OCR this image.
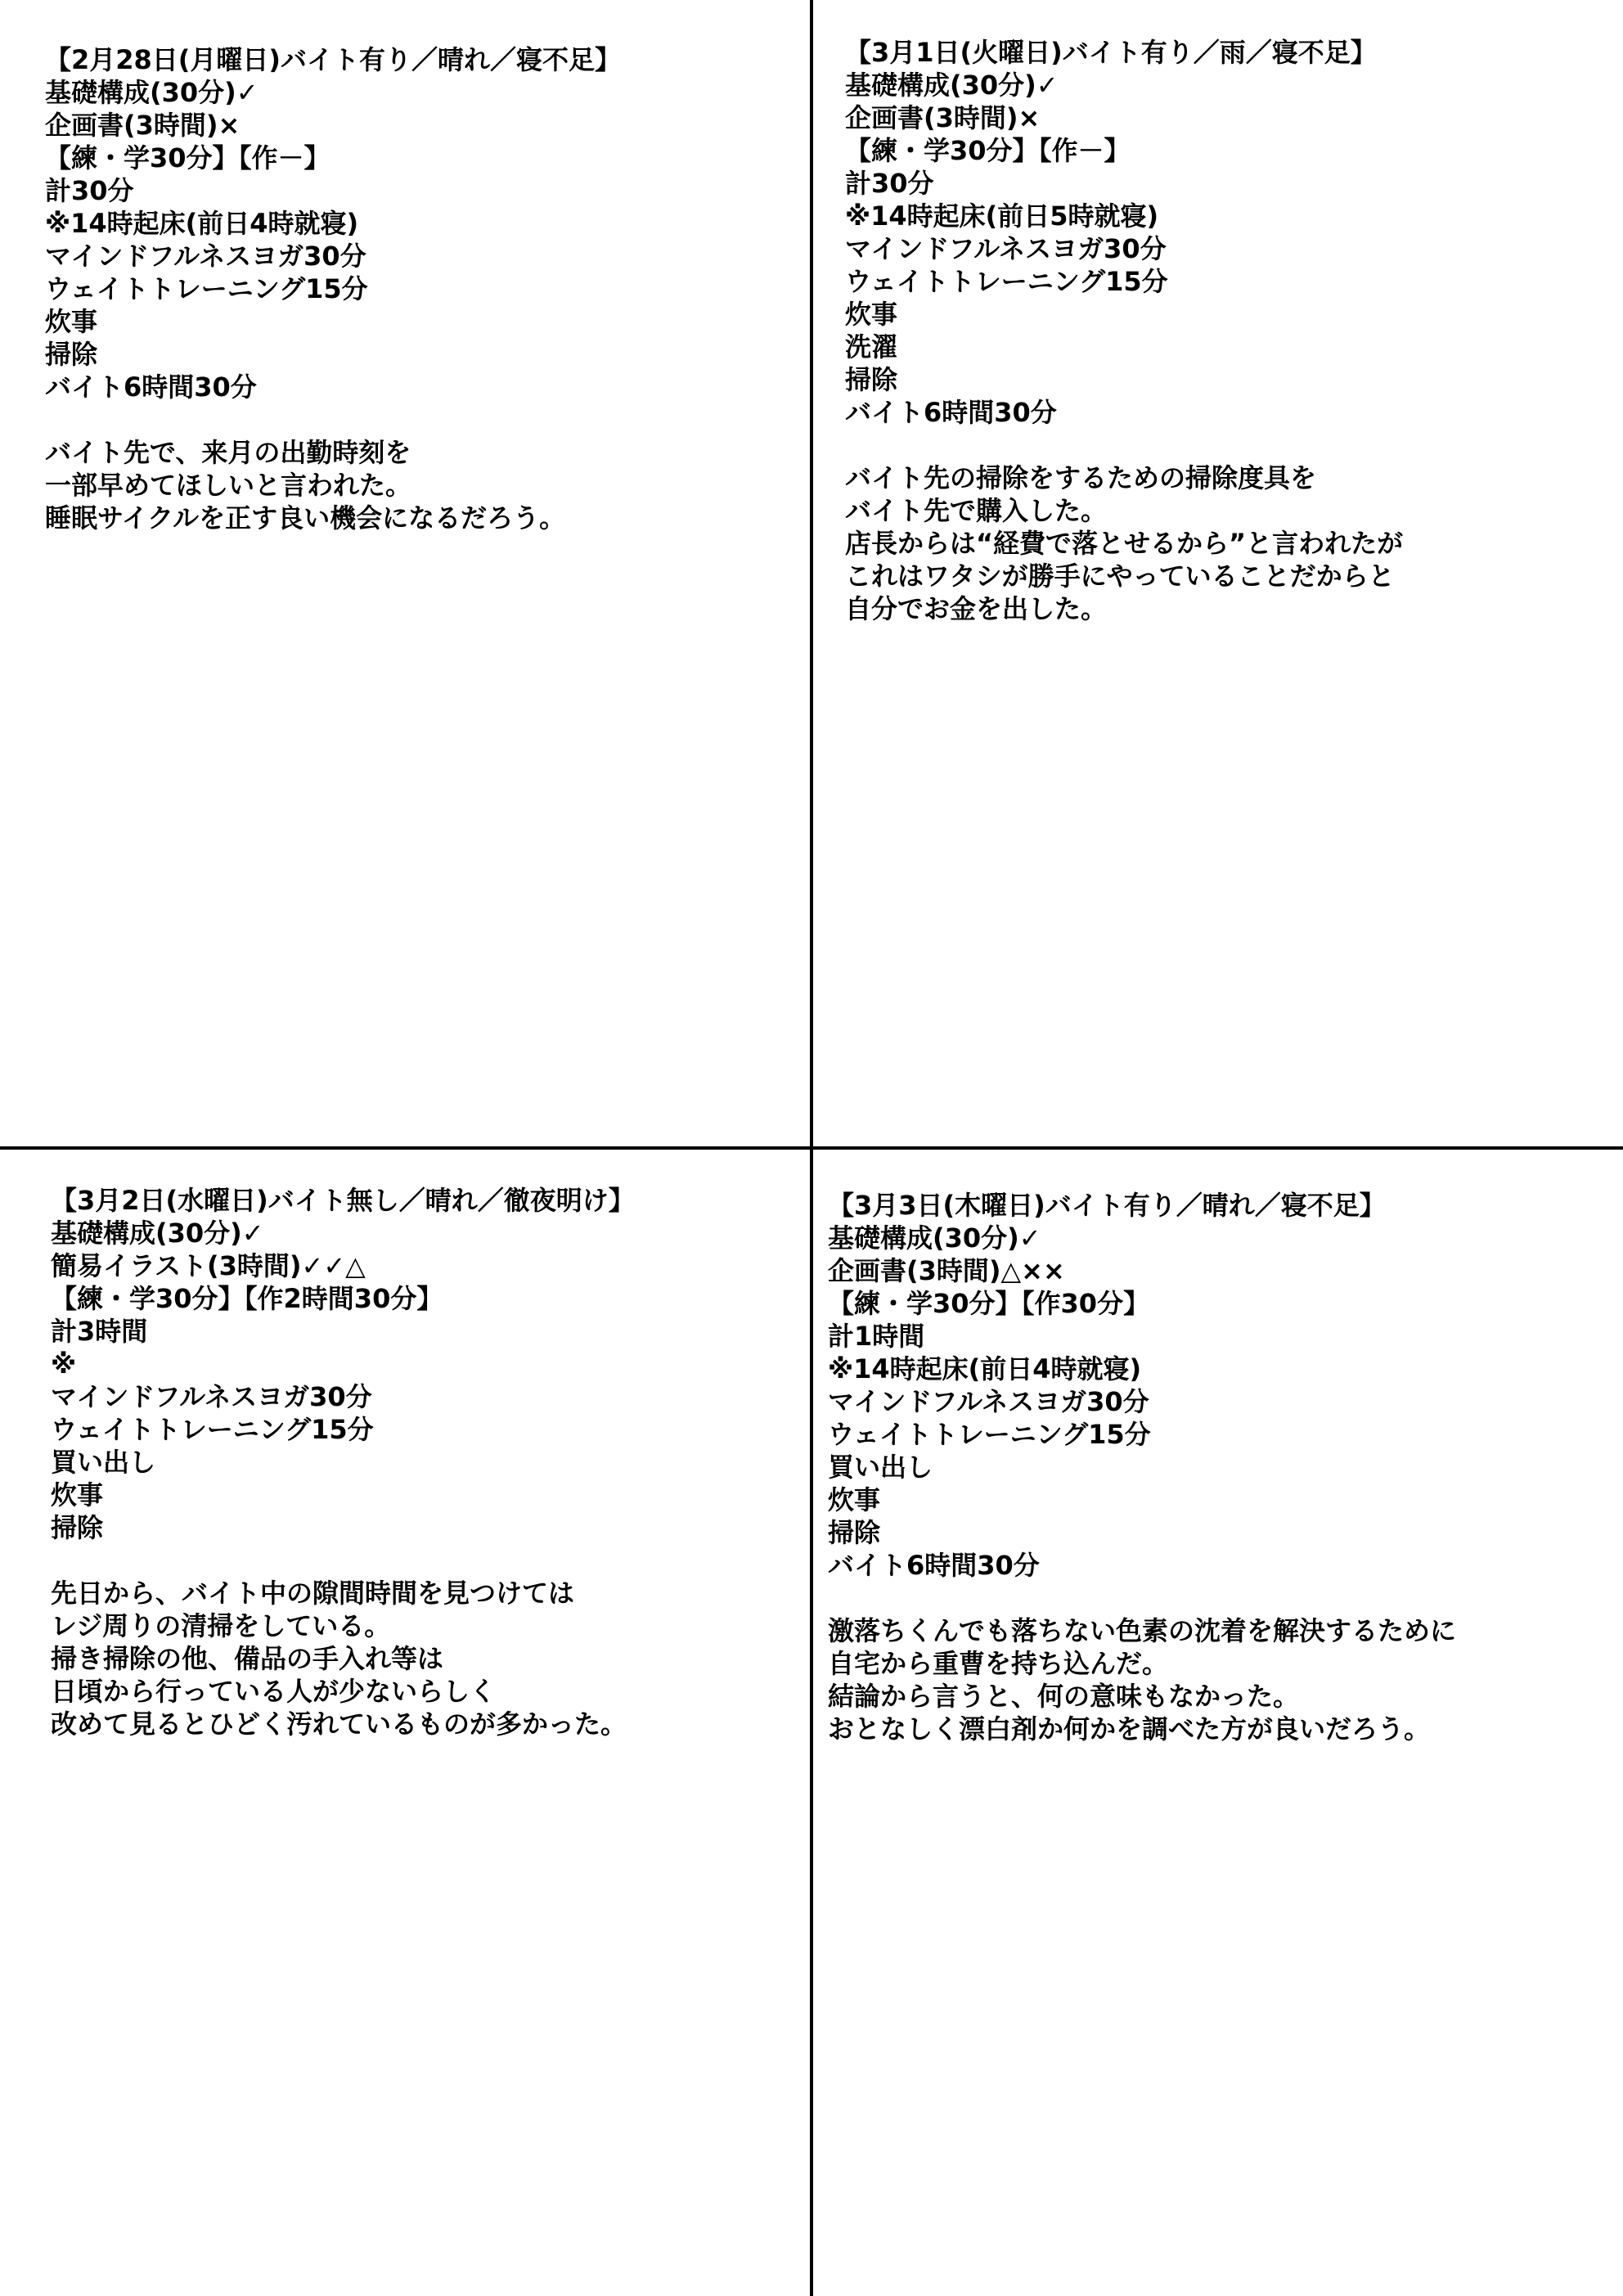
【2月28日(月曜日)バイト有り／晴れ／寝不足】
基礎構成(30分)✓
企画書(3時間)×
【練・学30分】【作－】
計30分
※14時起床(前日4時就寝)
マインドフルネスヨガ30分
ウェイトトレーニング15分
炊事
掃除
バイト6時間30分
バイト先で、来月の出勤時刻を
一部早めてほしいと言われた。
睡眠サイクルを正す良い機会になるだろう。
【3月1日(火曜日)バイト有り／雨／寝不足】
基礎構成(30分)✓
企画書(3時間)×
【練・学30分】【作－】
計30分
※14時起床(前日5時就寝)
マインドフルネスヨガ30分
ウェイトトレーニング15分
炊事
洗濯
掃除
バイト6時間30分
バイト先の掃除をするための掃除度具を
バイト先で購入した。
店長からは“経費で落とせるから”と言われたが
これはワタシが勝手にやっていることだからと
自分でお金を出した。
【3月2日(水曜日)バイト無し／晴れ／徹夜明け】
基礎構成(30分)✓
簡易イラスト(3時間)✓✓△
【練・学30分】【作2時間30分】
計3時間
※
マインドフルネスヨガ30分
ウェイトトレーニング15分
買い出し
炊事
掃除
先日から、バイト中の隙間時間を見つけては
レジ周りの清掃をしている。
掃き掃除の他、備品の手入れ等は
日頃から行っている人が少ないらしく
改めて見るとひどく汚れているものが多かった。
【3月3日(木曜日)バイト有り／晴れ／寝不足】
基礎構成(30分)✓
企画書(3時間)△××
【練・学30分】【作30分】
計1時間
※14時起床(前日4時就寝)
マインドフルネスヨガ30分
ウェイトトレーニング15分
買い出し
炊事
掃除
バイト6時間30分
激落ちくんでも落ちない色素の沈着を解決するために
自宅から重曹を持ち込んだ。
結論から言うと、何の意味もなかった。
おとなしく漂白剤か何かを調べた方が良いだろう。
